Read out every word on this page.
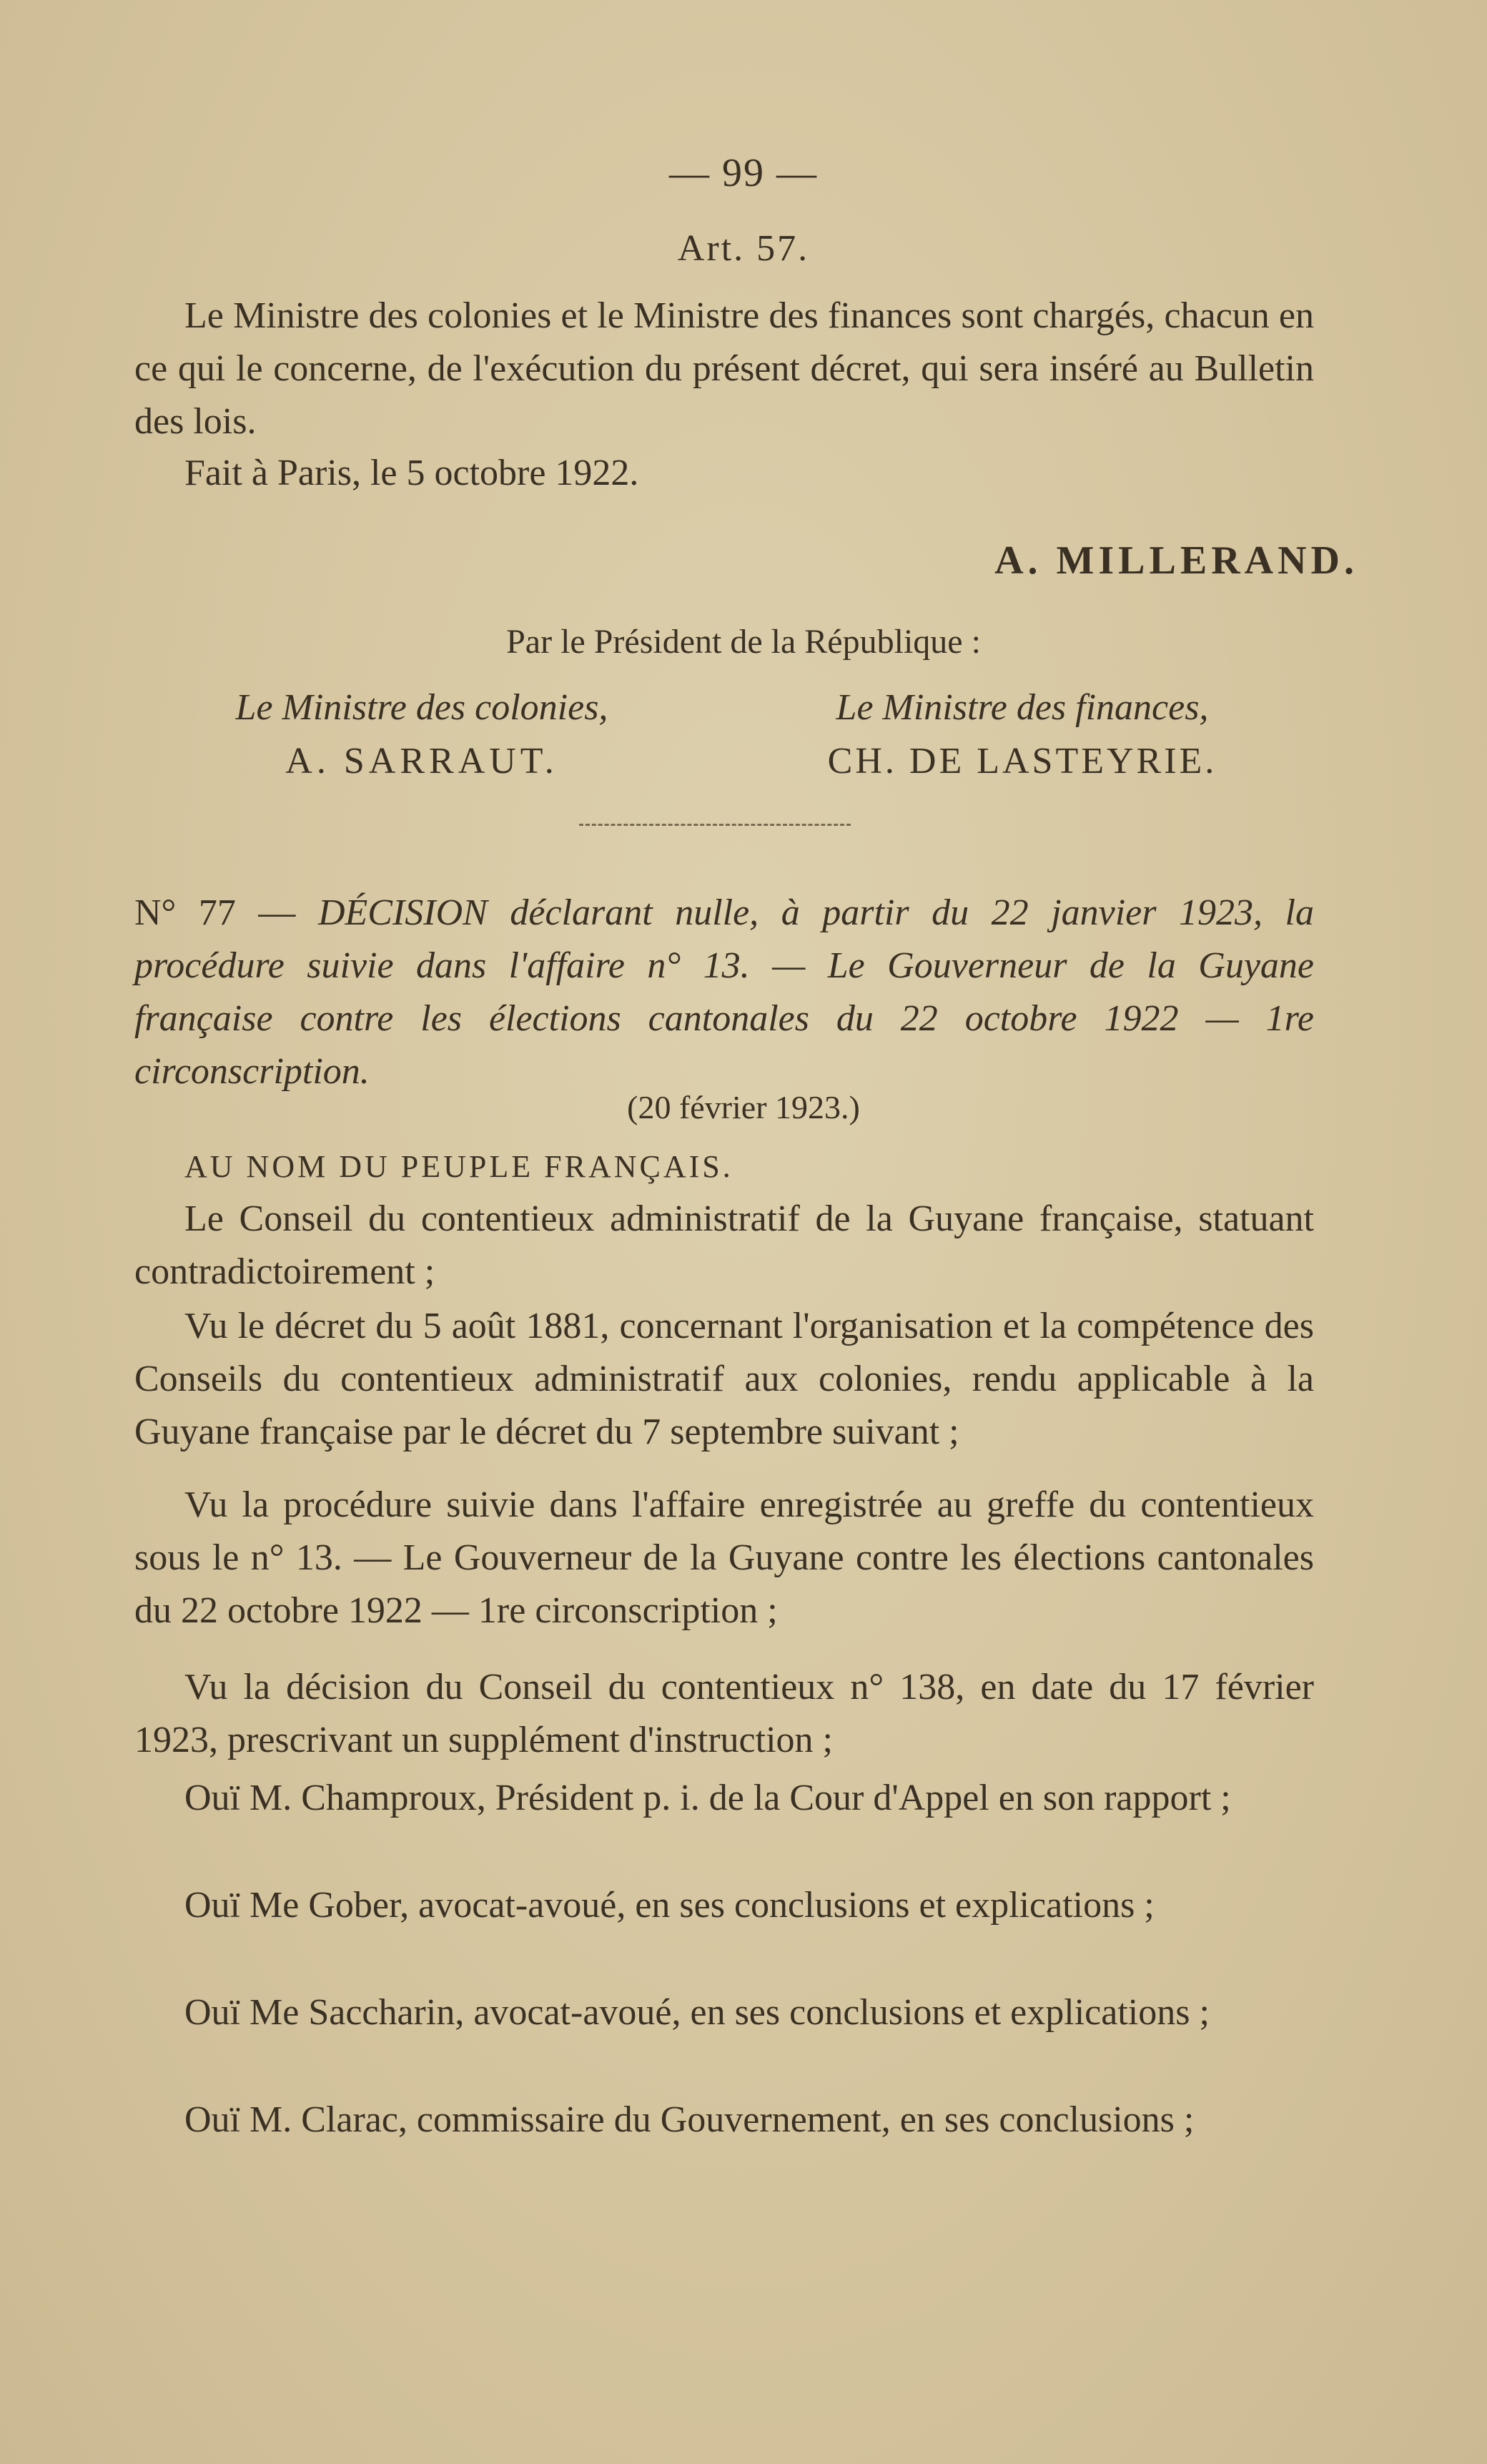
— 99 —
Art. 57.
Le Ministre des colonies et le Ministre des finances sont chargés, chacun en ce qui le concerne, de l'exécution du présent décret, qui sera inséré au Bulletin des lois.
Fait à Paris, le 5 octobre 1922.
A. MILLERAND.
Par le Président de la République :
Le Ministre des colonies,
A. SARRAUT.
Le Ministre des finances,
CH. DE LASTEYRIE.
N° 77 — DÉCISION déclarant nulle, à partir du 22 janvier 1923, la procédure suivie dans l'affaire n° 13. — Le Gouverneur de la Guyane française contre les élections cantonales du 22 octobre 1922 — 1re circonscription.
(20 février 1923.)
AU NOM DU PEUPLE FRANÇAIS.
Le Conseil du contentieux administratif de la Guyane française, statuant contradictoirement ;
Vu le décret du 5 août 1881, concernant l'organisation et la compétence des Conseils du contentieux administratif aux colonies, rendu applicable à la Guyane française par le décret du 7 septembre suivant ;
Vu la procédure suivie dans l'affaire enregistrée au greffe du contentieux sous le n° 13. — Le Gouverneur de la Guyane contre les élections cantonales du 22 octobre 1922 — 1re circonscription ;
Vu la décision du Conseil du contentieux n° 138, en date du 17 février 1923, prescrivant un supplément d'instruction ;
Ouï M. Champroux, Président p. i. de la Cour d'Appel en son rapport ;
Ouï Me Gober, avocat-avoué, en ses conclusions et explications ;
Ouï Me Saccharin, avocat-avoué, en ses conclusions et explications ;
Ouï M. Clarac, commissaire du Gouvernement, en ses conclusions ;
